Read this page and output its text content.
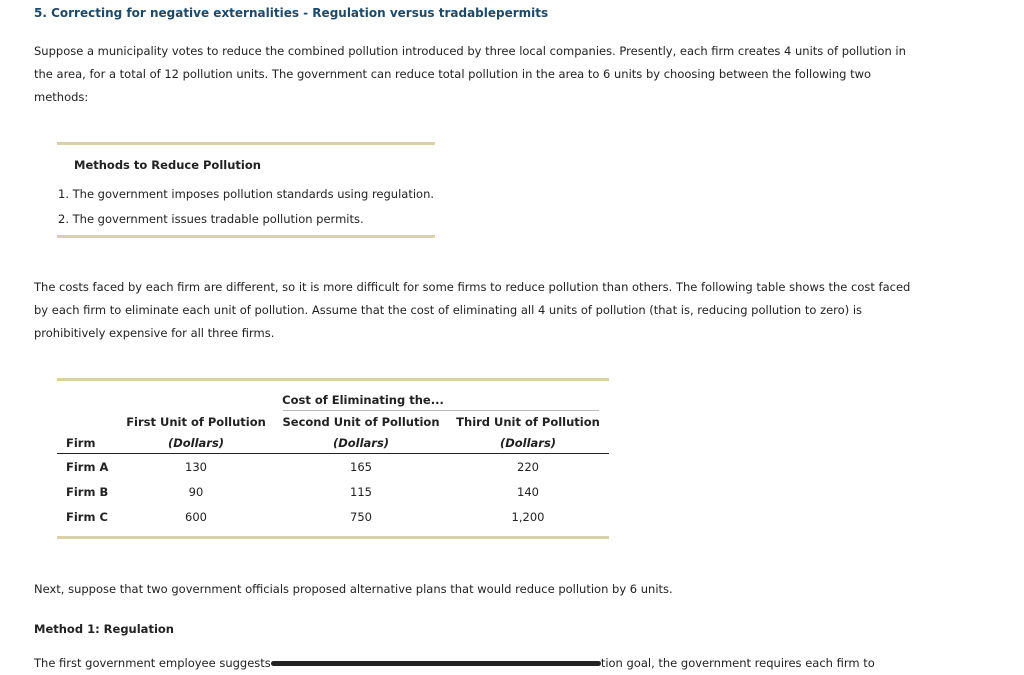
5. Correcting for negative externalities - Regulation versus tradablepermits
Suppose a municipality votes to reduce the combined pollution introduced by three local companies. Presently, each firm creates 4 units of pollution in the area, for a total of 12 pollution units. The government can reduce total pollution in the area to 6 units by choosing between the following two methods:
Methods to Reduce Pollution
1. The government imposes pollution standards using regulation.
2. The government issues tradable pollution permits.
The costs faced by each firm are different, so it is more difficult for some firms to reduce pollution than others. The following table shows the cost faced by each firm to eliminate each unit of pollution. Assume that the cost of eliminating all 4 units of pollution (that is, reducing pollution to zero) is prohibitively expensive for all three firms.
Cost of Eliminating the...
First Unit of Pollution Second Unit of Pollution Third Unit of Pollution
Firm	(Dollars)	(Dollars)	(Dollars)
Firm A	130	165	220
Firm B	90	115	140
Firm C	600	750	1,200
Next, suppose that two government officials proposed alternative plans that would reduce pollution by 6 units.
Method 1: Regulation
The first government employee suggests	tion goal, the government requires each firm to
